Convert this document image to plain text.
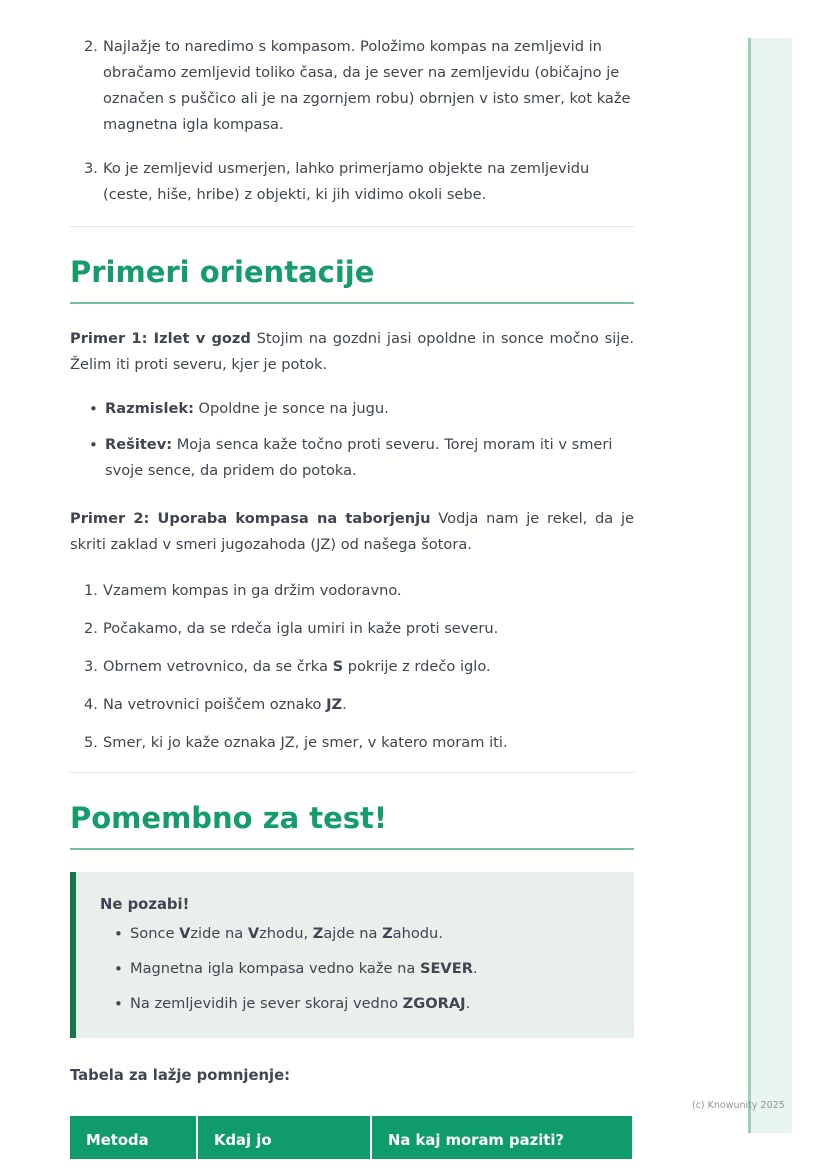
2. Najlažje to naredimo s kompasom. Položimo kompas na zemljevid in obračamo zemljevid toliko časa, da je sever na zemljevidu (običajno je označen s puščico ali je na zgornjem robu) obrnjen v isto smer, kot kaže magnetna igla kompasa.
3. Ko je zemljevid usmerjen, lahko primerjamo objekte na zemljevidu (ceste, hiše, hribe) z objekti, ki jih vidimo okoli sebe.
Primeri orientacije

Primer 1: Izlet v gozd Stojim na gozdni jasi opoldne in sonce močno sije. Želim iti proti severu, kjer je potok.

• Razmislek: Opoldne je sonce na jugu.
• Rešitev: Moja senca kaže točno proti severu. Torej moram iti v smeri svoje sence, da pridem do potoka.

Primer 2: Uporaba kompasa na taborjenju Vodja nam je rekel, da je skriti zaklad v smeri jugozahoda (JZ) od našega šotora.

1. Vzamem kompas in ga držim vodoravno.
2. Počakamo, da se rdeča igla umiri in kaže proti severu.
3. Obrnem vetrovnico, da se črka S pokrije z rdečo iglo.
4. Na vetrovnici poiščem oznako JZ.
5. Smer, ki jo kaže oznaka JZ, je smer, v katero moram iti.
Pomembno za test!
Ne pozabi!
• Sonce Vzide na Vzhodu, Zajde na Zahodu.
• Magnetna igla kompasa vedno kaže na SEVER.
• Na zemljevidih je sever skoraj vedno ZGORAJ.
Tabela za lažje pomnjenje:
Metoda	Kdaj jo	Na kaj moram paziti?
(c) Knowunity 2025
